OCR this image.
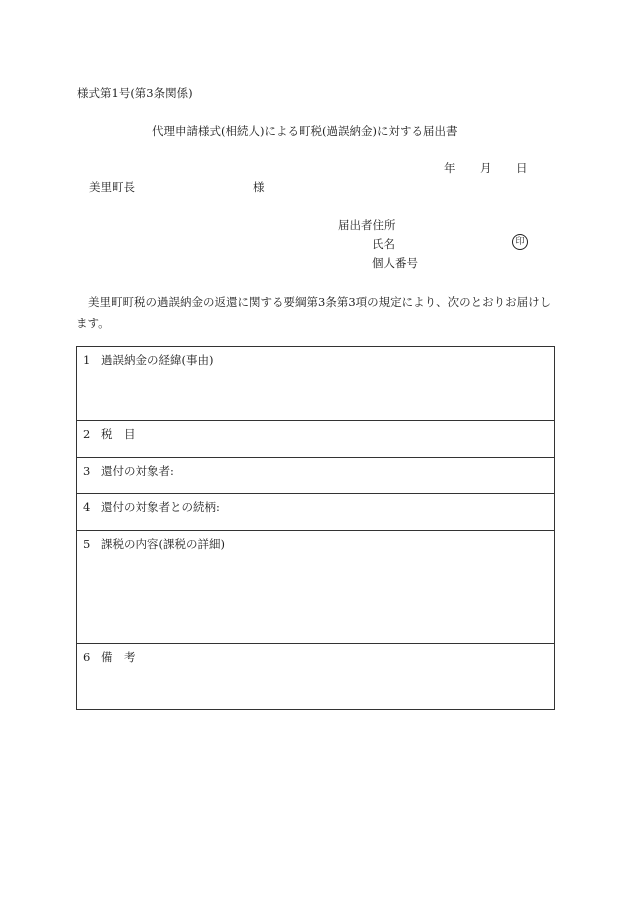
様式第1号(第3条関係)
代理申請様式(相続人)による町税(過誤納金)に対する届出書
年 月 日
美里町長	様
届出者住所
氏名	印
個人番号
美里町町税の過誤納金の返還に関する要綱第3条第3項の規定により、次のとおりお届けします。
1 過誤納金の経緯(事由)
2 税　目
3 還付の対象者:
4 還付の対象者との続柄:
5 課税の内容(課税の詳細)
6 備　考
